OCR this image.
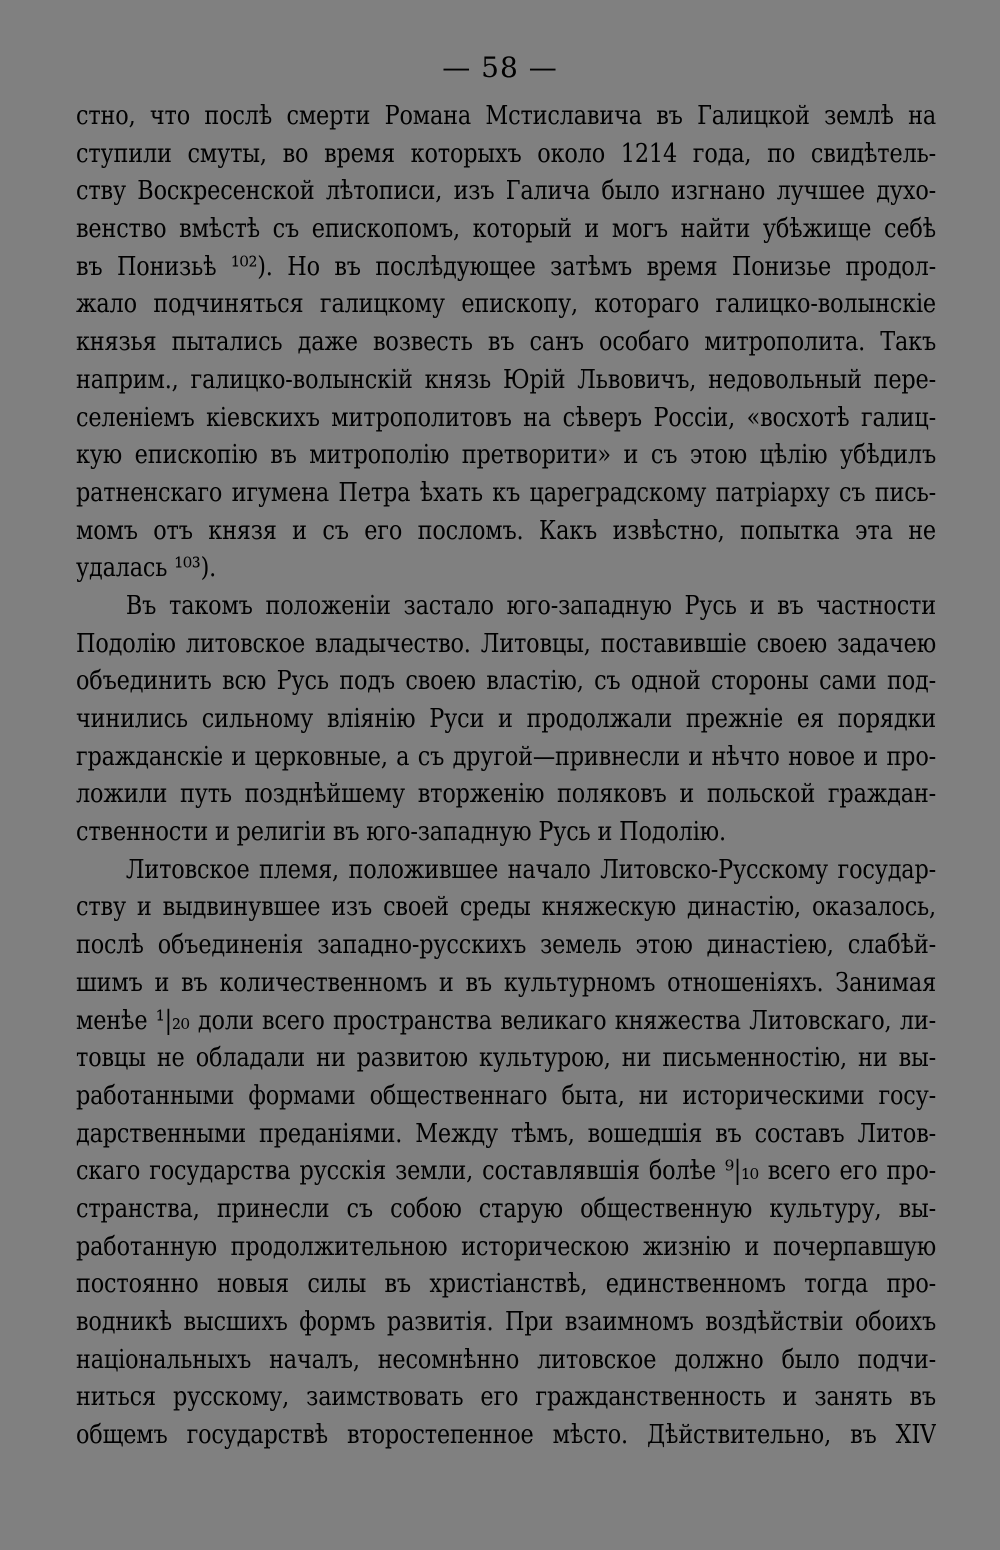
— 58 —
стно, что послѣ смерти Романа Мстиславича въ Галицкой землѣ на
ступили смуты, во время которыхъ около 1214 года, по свидѣтель-
ству Воскресенской лѣтописи, изъ Галича было изгнано лучшее духо-
венство вмѣстѣ съ епископомъ, который и могъ найти убѣжище себѣ
въ Понизьѣ ¹⁰²). Но въ послѣдующее затѣмъ время Понизье продол-
жало подчиняться галицкому епископу, котораго галицко-волынскіе
князья пытались даже возвесть въ санъ особаго митрополита. Такъ
наприм., галицко-волынскій князь Юрій Львовичъ, недовольный пере-
селеніемъ кіевскихъ митрополитовъ на сѣверъ Россіи, «восхотѣ галиц-
кую епископію въ митрополію претворити» и съ этою цѣлію убѣдилъ
ратненскаго игумена Петра ѣхать къ цареградскому патріарху съ пись-
момъ отъ князя и съ его посломъ. Какъ извѣстно, попытка эта не
удалась ¹⁰³).
Въ такомъ положеніи застало юго-западную Русь и въ частности
Подолію литовское владычество. Литовцы, поставившіе своею задачею
объединить всю Русь подъ своею властію, съ одной стороны сами под-
чинились сильному вліянію Руси и продолжали прежніе ея порядки
гражданскіе и церковные, а съ другой—привнесли и нѣчто новое и про-
ложили путь позднѣйшему вторженію поляковъ и польской граждан-
ственности и религіи въ юго-западную Русь и Подолію.
Литовское племя, положившее начало Литовско-Русскому государ-
ству и выдвинувшее изъ своей среды княжескую династію, оказалось,
послѣ объединенія западно-русскихъ земель этою династіею, слабѣй-
шимъ и въ количественномъ и въ культурномъ отношеніяхъ. Занимая
менѣе ¹|₂₀ доли всего пространства великаго княжества Литовскаго, ли-
товцы не обладали ни развитою культурою, ни письменностію, ни вы-
работанными формами общественнаго быта, ни историческими госу-
дарственными преданіями. Между тѣмъ, вошедшія въ составъ Литов-
скаго государства русскія земли, составлявшія болѣе ⁹|₁₀ всего его про-
странства, принесли съ собою старую общественную культуру, вы-
работанную продолжительною историческою жизнію и почерпавшую
постоянно новыя силы въ христіанствѣ, единственномъ тогда про-
водникѣ высшихъ формъ развитія. При взаимномъ воздѣйствіи обоихъ
національныхъ началъ, несомнѣнно литовское должно было подчи-
ниться русскому, заимствовать его гражданственность и занять въ
общемъ государствѣ второстепенное мѣсто. Дѣйствительно, въ XIV
